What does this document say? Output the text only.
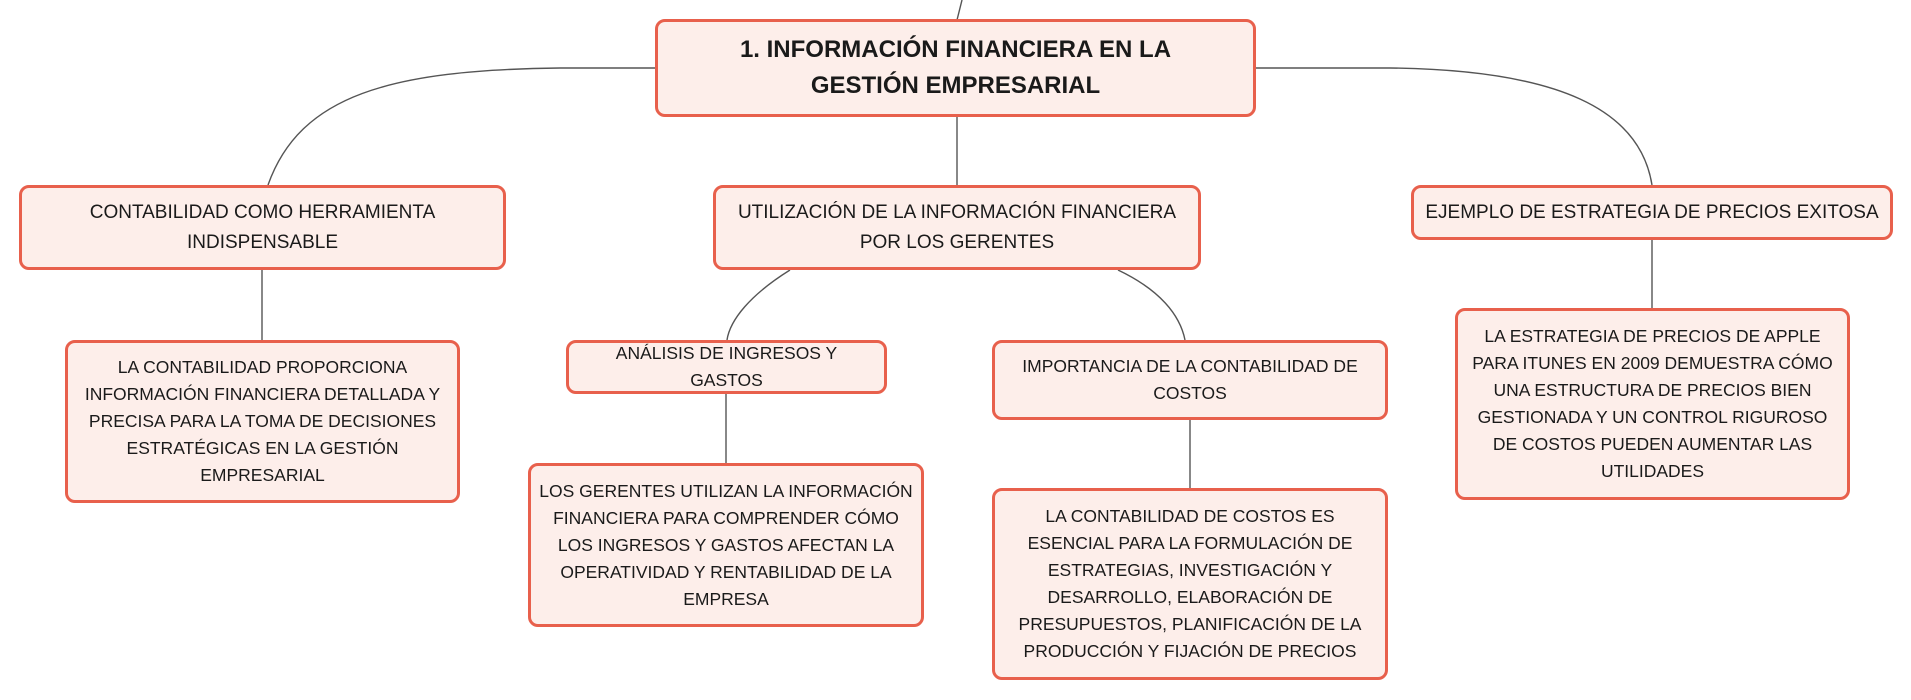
1. INFORMACIÓN FINANCIERA EN LA GESTIÓN EMPRESARIAL
CONTABILIDAD COMO HERRAMIENTA INDISPENSABLE
LA CONTABILIDAD PROPORCIONA INFORMACIÓN FINANCIERA DETALLADA Y PRECISA PARA LA TOMA DE DECISIONES ESTRATÉGICAS EN LA GESTIÓN EMPRESARIAL
UTILIZACIÓN DE LA INFORMACIÓN FINANCIERA POR LOS GERENTES
ANÁLISIS DE INGRESOS Y GASTOS
LOS GERENTES UTILIZAN LA INFORMACIÓN FINANCIERA PARA COMPRENDER CÓMO LOS INGRESOS Y GASTOS AFECTAN LA OPERATIVIDAD Y RENTABILIDAD DE LA EMPRESA
IMPORTANCIA DE LA CONTABILIDAD DE COSTOS
LA CONTABILIDAD DE COSTOS ES ESENCIAL PARA LA FORMULACIÓN DE ESTRATEGIAS, INVESTIGACIÓN Y DESARROLLO, ELABORACIÓN DE PRESUPUESTOS, PLANIFICACIÓN DE LA PRODUCCIÓN Y FIJACIÓN DE PRECIOS
EJEMPLO DE ESTRATEGIA DE PRECIOS EXITOSA
LA ESTRATEGIA DE PRECIOS DE APPLE PARA ITUNES EN 2009 DEMUESTRA CÓMO UNA ESTRUCTURA DE PRECIOS BIEN GESTIONADA Y UN CONTROL RIGUROSO DE COSTOS PUEDEN AUMENTAR LAS UTILIDADES
